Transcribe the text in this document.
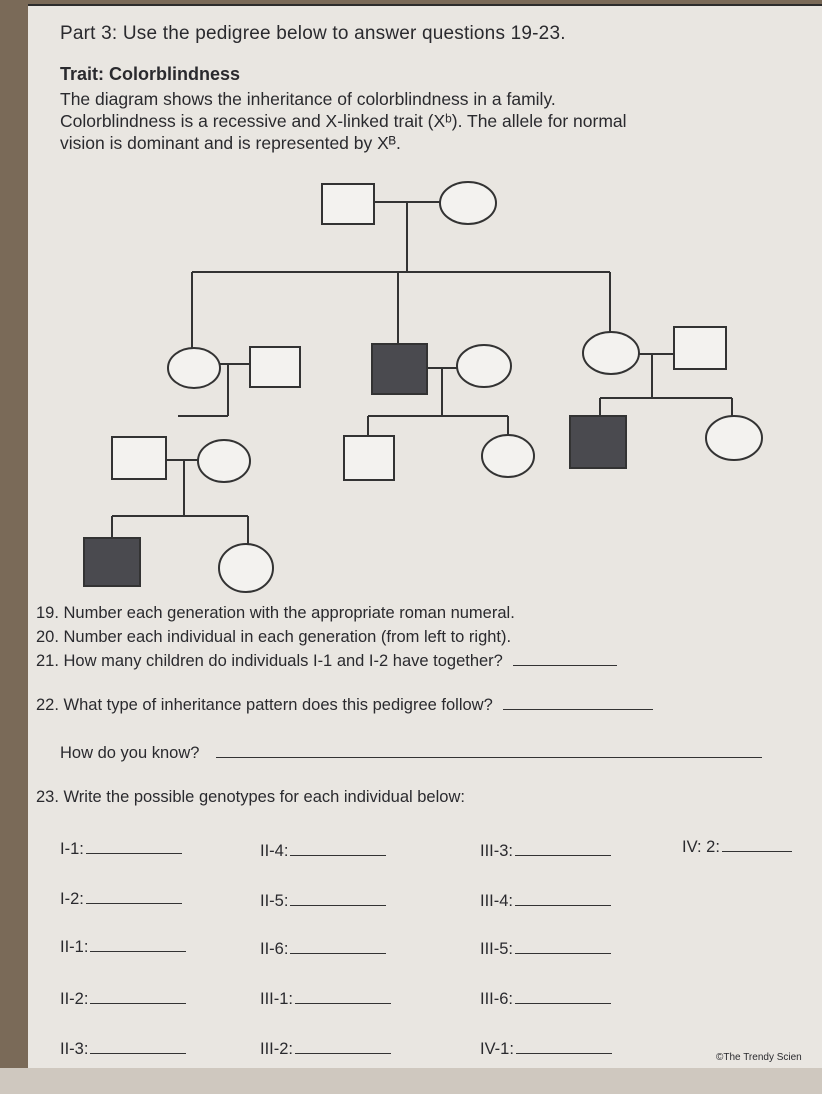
Part 3: Use the pedigree below to answer questions 19-23.
Trait: Colorblindness
The diagram shows the inheritance of colorblindness in a family.
Colorblindness is a recessive and X-linked trait (Xᵇ). The allele for normal
vision is dominant and is represented by Xᴮ.
19. Number each generation with the appropriate roman numeral.
20. Number each individual in each generation (from left to right).
21. How many children do individuals I-1 and I-2 have together?
22. What type of inheritance pattern does this pedigree follow?
How do you know?
23. Write the possible genotypes for each individual below:
I-1:
I-2:
II-1:
II-2:
II-3:
II-4:
II-5:
II-6:
III-1:
III-2:
III-3:
III-4:
III-5:
III-6:
IV-1:
IV: 2:
©The Trendy Scien
